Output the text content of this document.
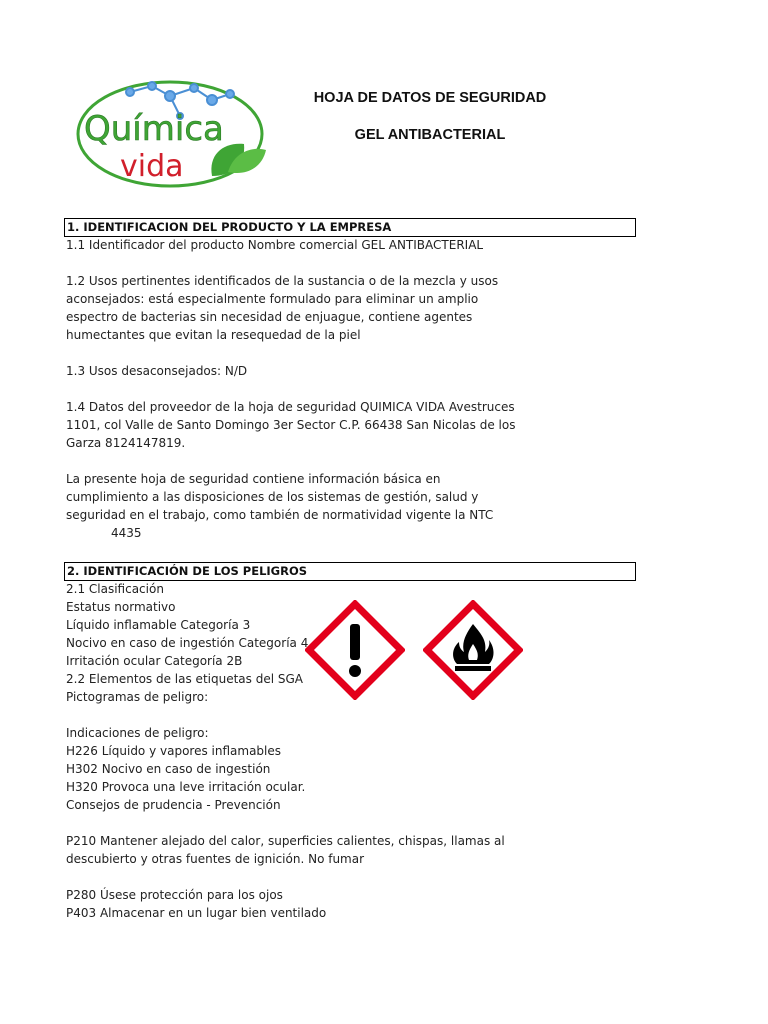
Química
vida
HOJA DE DATOS DE SEGURIDAD
GEL ANTIBACTERIAL
1. IDENTIFICACION DEL PRODUCTO Y LA EMPRESA
1.1 Identificador del producto Nombre comercial GEL ANTIBACTERIAL
1.2 Usos pertinentes identificados de la sustancia o de la mezcla y usos
aconsejados: está especialmente formulado para eliminar un amplio
espectro de bacterias sin necesidad de enjuague, contiene agentes
humectantes que evitan la resequedad de la piel
1.3 Usos desaconsejados: N/D
1.4 Datos del proveedor de la hoja de seguridad QUIMICA VIDA Avestruces
1101, col Valle de Santo Domingo 3er Sector C.P. 66438 San Nicolas de los
Garza 8124147819.
La presente hoja de seguridad contiene información básica en
cumplimiento a las disposiciones de los sistemas de gestión, salud y
seguridad en el trabajo, como también de normatividad vigente la NTC
4435
2. IDENTIFICACIÓN DE LOS PELIGROS
2.1 Clasificación
Estatus normativo
Líquido inflamable Categoría 3
Nocivo en caso de ingestión Categoría 4
Irritación ocular Categoría 2B
2.2 Elementos de las etiquetas del SGA
Pictogramas de peligro:
Indicaciones de peligro:
H226 Líquido y vapores inflamables
H302 Nocivo en caso de ingestión
H320 Provoca una leve irritación ocular.
Consejos de prudencia - Prevención
P210 Mantener alejado del calor, superficies calientes, chispas, llamas al
descubierto y otras fuentes de ignición. No fumar
P280 Úsese protección para los ojos
P403 Almacenar en un lugar bien ventilado
